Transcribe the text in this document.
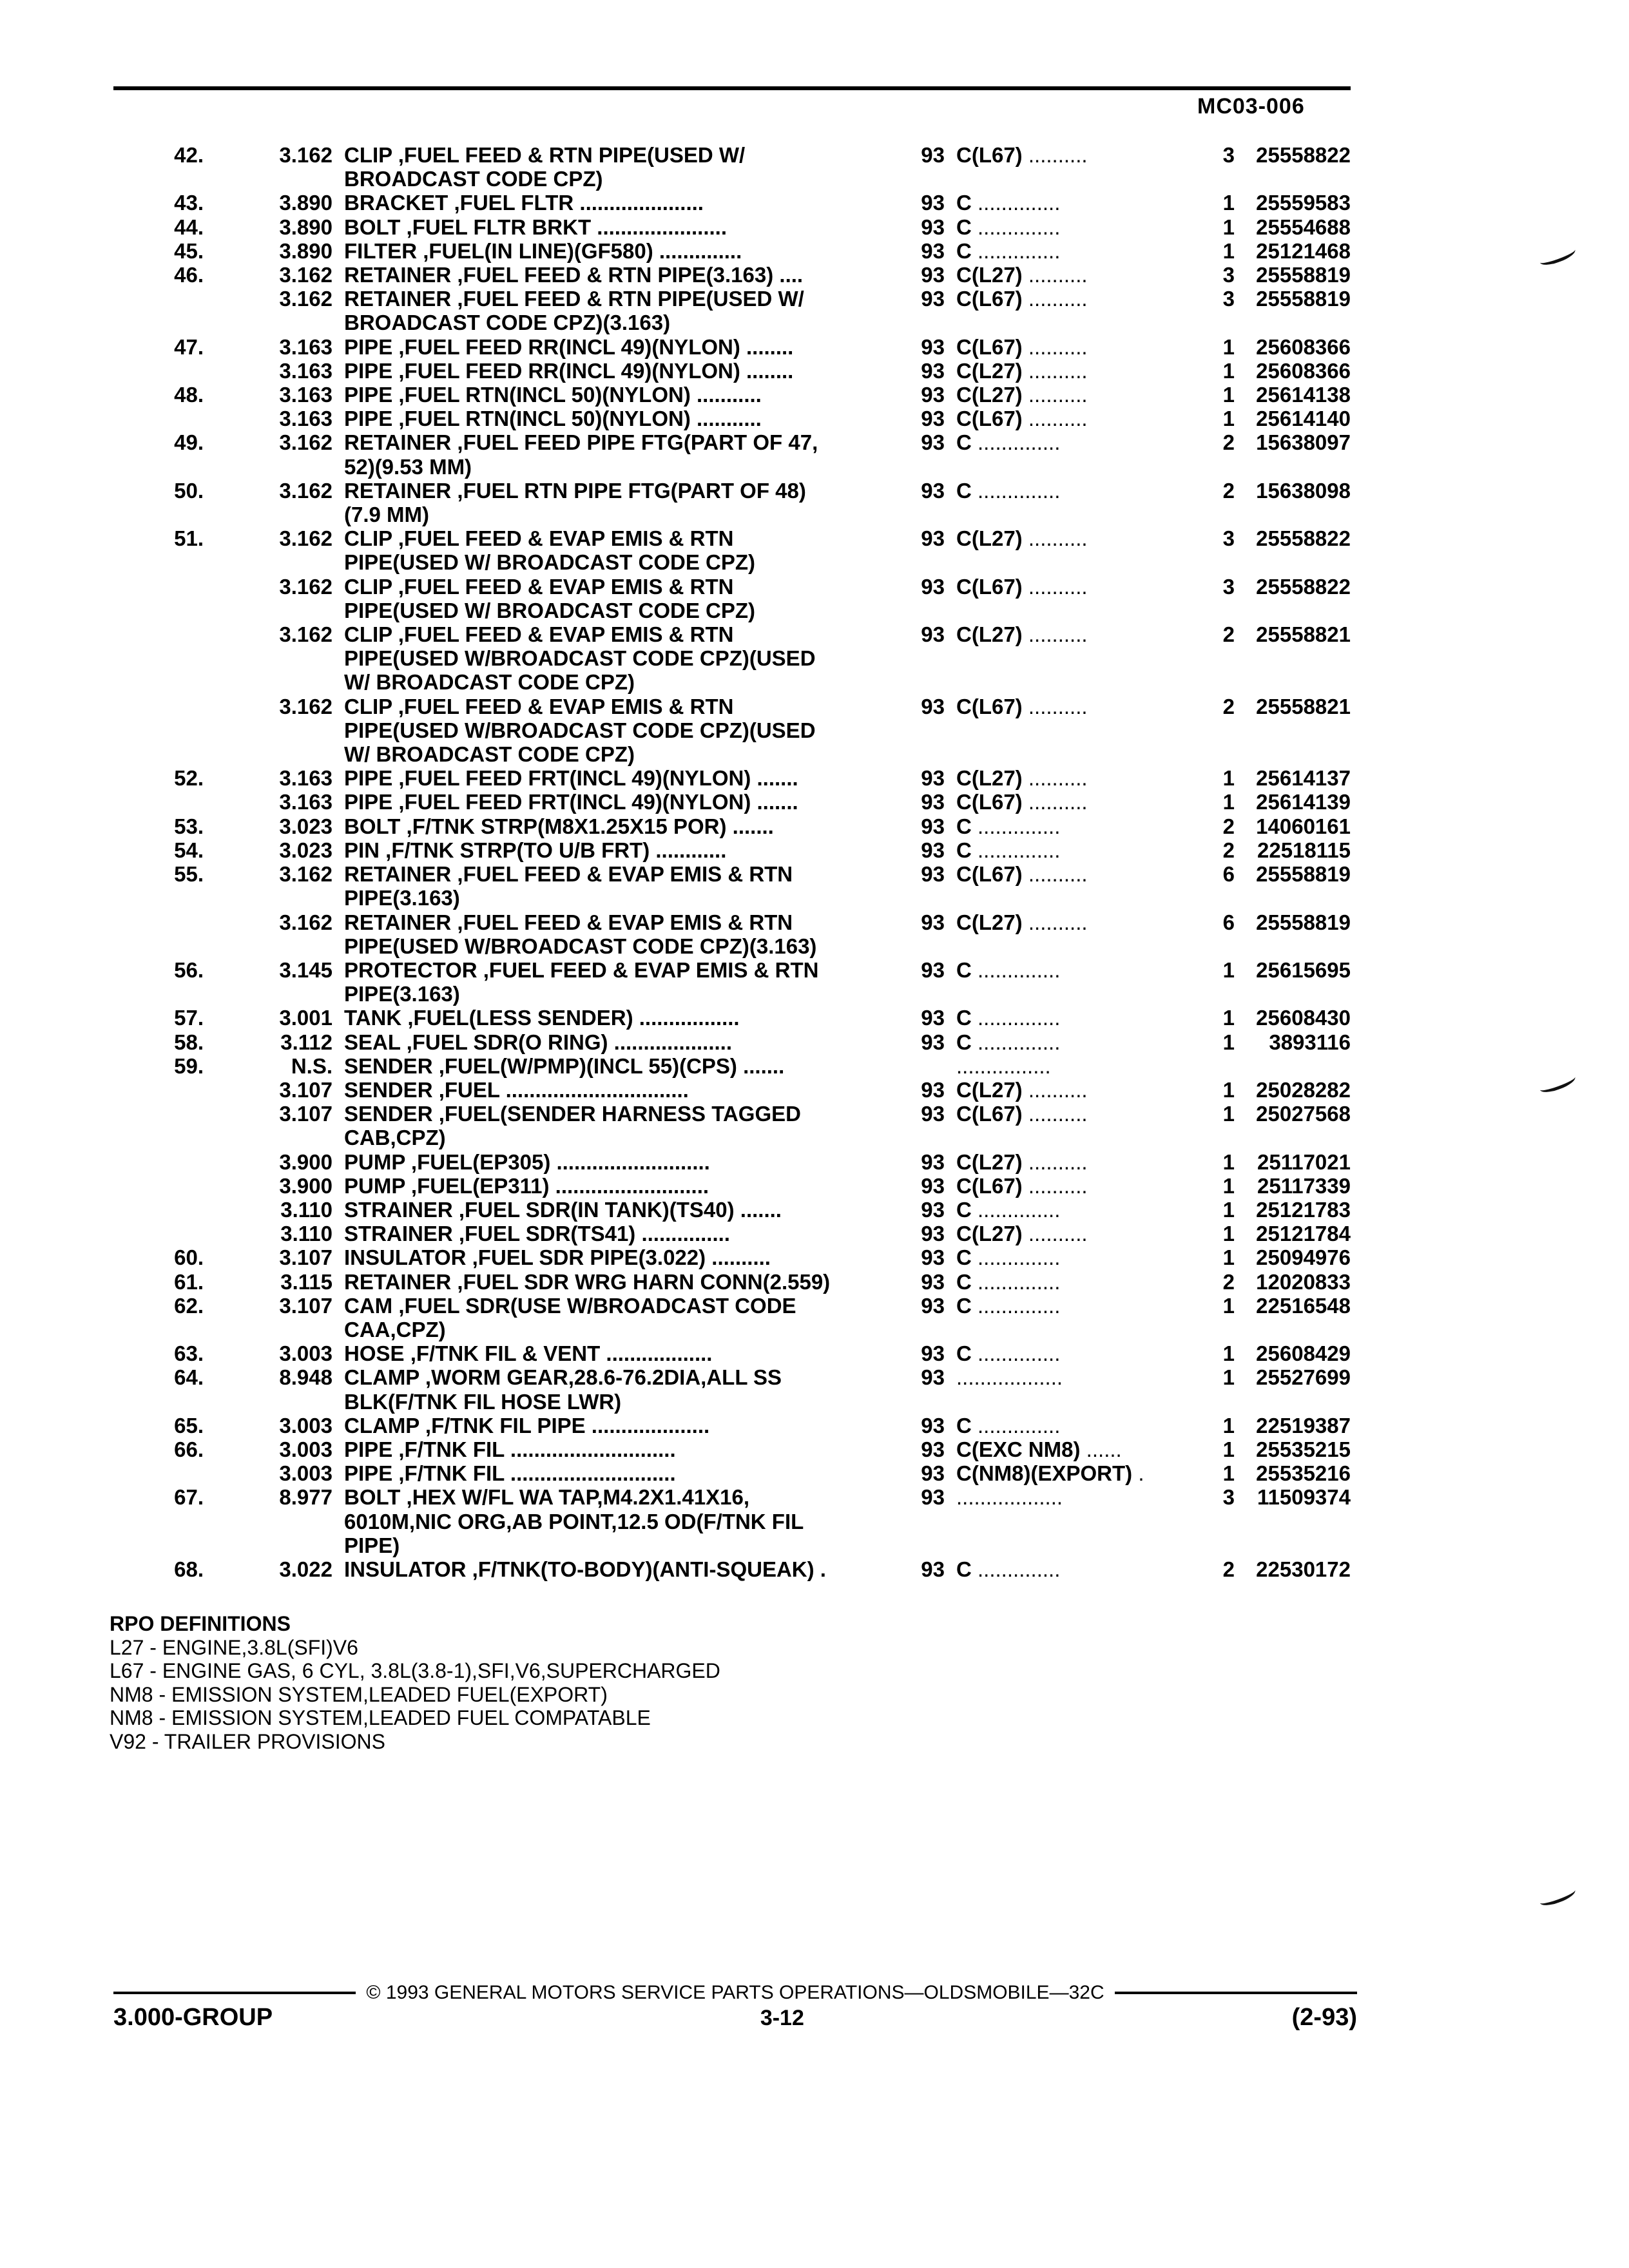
MC03-006
42.	3.162 CLIP ,FUEL FEED & RTN PIPE(USED W/
BROADCAST CODE CPZ)
93 C(L67) ..........	3	25558822
43.	3.890 BRACKET ,FUEL FLTR .....................	93 C ..............	1	25559583
44.	3.890 BOLT ,FUEL FLTR BRKT ......................	93 C ..............	1	25554688
45.	3.890 FILTER ,FUEL(IN LINE)(GF580) ..............	93 C ..............	1	25121468
46.	3.162 RETAINER ,FUEL FEED & RTN PIPE(3.163) ....	93 C(L27) ..........	3	25558819
3.162 RETAINER ,FUEL FEED & RTN PIPE(USED W/
BROADCAST CODE CPZ)(3.163)
93 C(L67) ..........	3	25558819
47.	3.163 PIPE ,FUEL FEED RR(INCL 49)(NYLON) ........	93 C(L67) ..........	1	25608366
3.163 PIPE ,FUEL FEED RR(INCL 49)(NYLON) ........	93 C(L27) ..........	1	25608366
48.	3.163 PIPE ,FUEL RTN(INCL 50)(NYLON) ...........	93 C(L27) ..........	1	25614138
3.163 PIPE ,FUEL RTN(INCL 50)(NYLON) ...........	93 C(L67) ..........	1	25614140
49.	3.162 RETAINER ,FUEL FEED PIPE FTG(PART OF 47,
52)(9.53 MM)
93 C ..............	2	15638097
50.	3.162 RETAINER ,FUEL RTN PIPE FTG(PART OF 48)
(7.9 MM)
93 C ..............	2	15638098
51.	3.162 CLIP ,FUEL FEED & EVAP EMIS & RTN
PIPE(USED W/ BROADCAST CODE CPZ)
93 C(L27) ..........	3	25558822
3.162 CLIP ,FUEL FEED & EVAP EMIS & RTN
PIPE(USED W/ BROADCAST CODE CPZ)
93 C(L67) ..........	3	25558822
3.162 CLIP ,FUEL FEED & EVAP EMIS & RTN
PIPE(USED W/BROADCAST CODE CPZ)(USED
W/ BROADCAST CODE CPZ)
93 C(L27) ..........	2	25558821
3.162 CLIP ,FUEL FEED & EVAP EMIS & RTN
PIPE(USED W/BROADCAST CODE CPZ)(USED
W/ BROADCAST CODE CPZ)
93 C(L67) ..........	2	25558821
52.	3.163 PIPE ,FUEL FEED FRT(INCL 49)(NYLON) .......	93 C(L27) ..........	1	25614137
3.163 PIPE ,FUEL FEED FRT(INCL 49)(NYLON) .......	93 C(L67) ..........	1	25614139
53.	3.023 BOLT ,F/TNK STRP(M8X1.25X15 POR) .......	93 C ..............	2	14060161
54.	3.023 PIN ,F/TNK STRP(TO U/B FRT) ............	93 C ..............	2	22518115
55.	3.162 RETAINER ,FUEL FEED & EVAP EMIS & RTN
PIPE(3.163)
93 C(L67) ..........	6	25558819
3.162 RETAINER ,FUEL FEED & EVAP EMIS & RTN
PIPE(USED W/BROADCAST CODE CPZ)(3.163)
93 C(L27) ..........	6	25558819
56.	3.145 PROTECTOR ,FUEL FEED & EVAP EMIS & RTN
PIPE(3.163)
93 C ..............	1	25615695
57.	3.001 TANK ,FUEL(LESS SENDER) .................	93 C ..............	1	25608430
58.	3.112 SEAL ,FUEL SDR(O RING) ....................	93 C ..............	1	3893116
59.	N.S. SENDER ,FUEL(W/PMP)(INCL 55)(CPS) .......	................
3.107 SENDER ,FUEL ...............................	93 C(L27) ..........	1	25028282
3.107 SENDER ,FUEL(SENDER HARNESS TAGGED
CAB,CPZ)
93 C(L67) ..........	1	25027568
3.900 PUMP ,FUEL(EP305) ..........................	93 C(L27) ..........	1	25117021
3.900 PUMP ,FUEL(EP311) ..........................	93 C(L67) ..........	1	25117339
3.110 STRAINER ,FUEL SDR(IN TANK)(TS40) .......	93 C ..............	1	25121783
3.110 STRAINER ,FUEL SDR(TS41) ...............	93 C(L27) ..........	1	25121784
60.	3.107 INSULATOR ,FUEL SDR PIPE(3.022) ..........	93 C ..............	1	25094976
61.	3.115 RETAINER ,FUEL SDR WRG HARN CONN(2.559)	93 C ..............	2	12020833
62.	3.107 CAM ,FUEL SDR(USE W/BROADCAST CODE
CAA,CPZ)
93 C ..............	1	22516548
63.	3.003 HOSE ,F/TNK FIL & VENT ..................	93 C ..............	1	25608429
64.	8.948 CLAMP ,WORM GEAR,28.6-76.2DIA,ALL SS
BLK(F/TNK FIL HOSE LWR)
93 ..................	1	25527699
65.	3.003 CLAMP ,F/TNK FIL PIPE ....................	93 C ..............	1	22519387
66.	3.003 PIPE ,F/TNK FIL ............................	93 C(EXC NM8) ......	1	25535215
3.003 PIPE ,F/TNK FIL ............................	93 C(NM8)(EXPORT) .	1	25535216
67.	8.977 BOLT ,HEX W/FL WA TAP,M4.2X1.41X16,
6010M,NIC ORG,AB POINT,12.5 OD(F/TNK FIL
PIPE)
93 ..................	3	11509374
68.	3.022 INSULATOR ,F/TNK(TO-BODY)(ANTI-SQUEAK) .	93 C ..............	2	22530172
RPO DEFINITIONS
L27 - ENGINE,3.8L(SFI)V6
L67 - ENGINE GAS, 6 CYL, 3.8L(3.8-1),SFI,V6,SUPERCHARGED
NM8 - EMISSION SYSTEM,LEADED FUEL(EXPORT)
NM8 - EMISSION SYSTEM,LEADED FUEL COMPATABLE
V92 - TRAILER PROVISIONS
© 1993 GENERAL MOTORS SERVICE PARTS OPERATIONS—OLDSMOBILE—32C
3.000-GROUP	3-12	(2-93)
